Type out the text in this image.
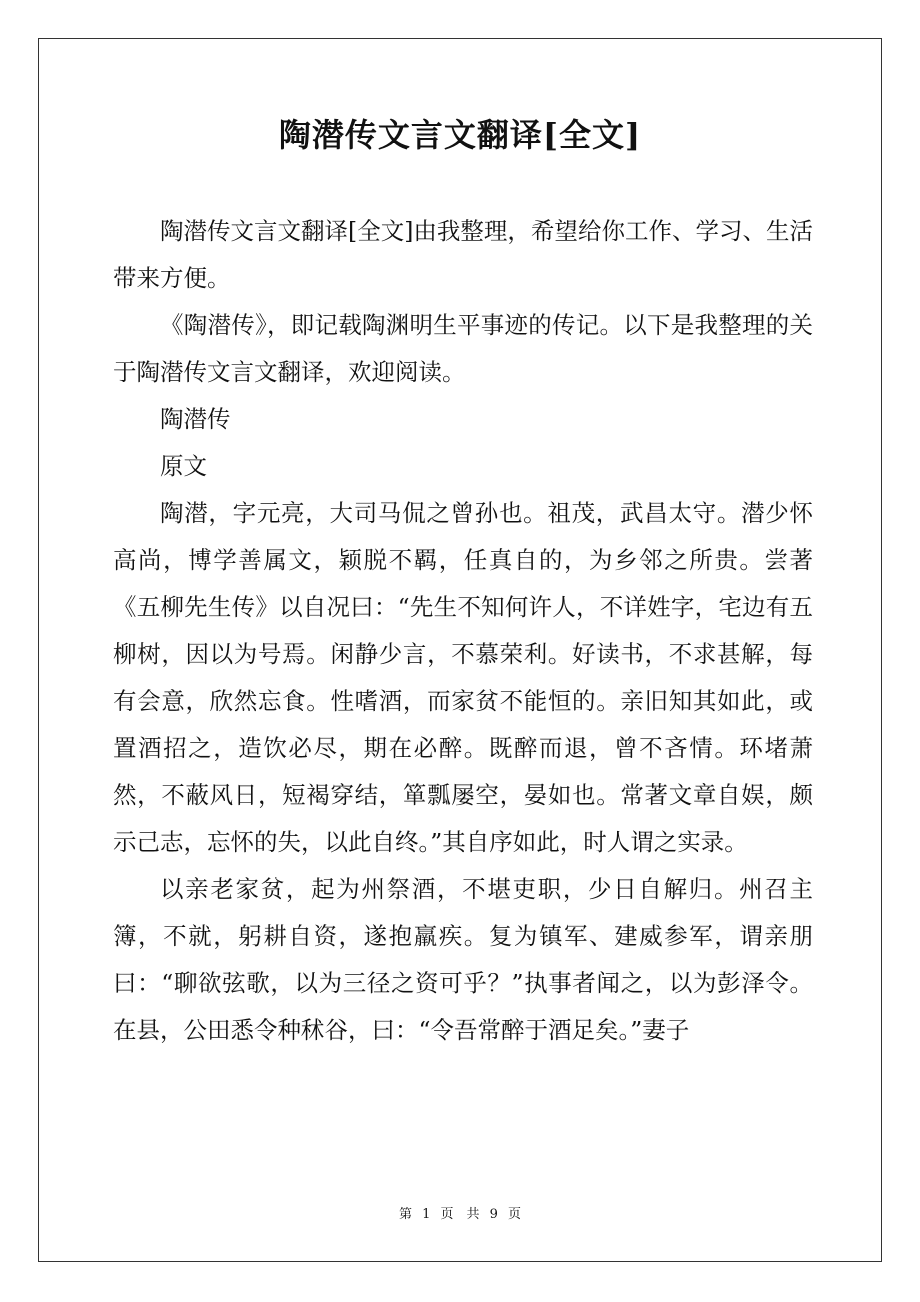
陶潜传文言文翻译[全文]

陶潜传文言文翻译[全文]由我整理，希望给你工作、学习、生活带来方便。

《陶潜传》，即记载陶渊明生平事迹的传记。以下是我整理的关于陶潜传文言文翻译，欢迎阅读。

陶潜传

原文

陶潜，字元亮，大司马侃之曾孙也。祖茂，武昌太守。潜少怀高尚，博学善属文，颖脱不羁，任真自的，为乡邻之所贵。尝著《五柳先生传》以自况曰：“先生不知何许人，不详姓字，宅边有五柳树，因以为号焉。闲静少言，不慕荣利。好读书，不求甚解，每有会意，欣然忘食。性嗜酒，而家贫不能恒的。亲旧知其如此，或置酒招之，造饮必尽，期在必醉。既醉而退，曾不吝情。环堵萧然，不蔽风日，短褐穿结，箪瓢屡空，晏如也。常著文章自娱，颇示己志，忘怀的失，以此自终。”其自序如此，时人谓之实录。

以亲老家贫，起为州祭酒，不堪吏职，少日自解归。州召主簿，不就，躬耕自资，遂抱羸疾。复为镇军、建威参军，谓亲朋曰：“聊欲弦歌，以为三径之资可乎？”执事者闻之，以为彭泽令。在县，公田悉令种秫谷，曰：“令吾常醉于酒足矣。”妻子

第 1 页　共 9 页
